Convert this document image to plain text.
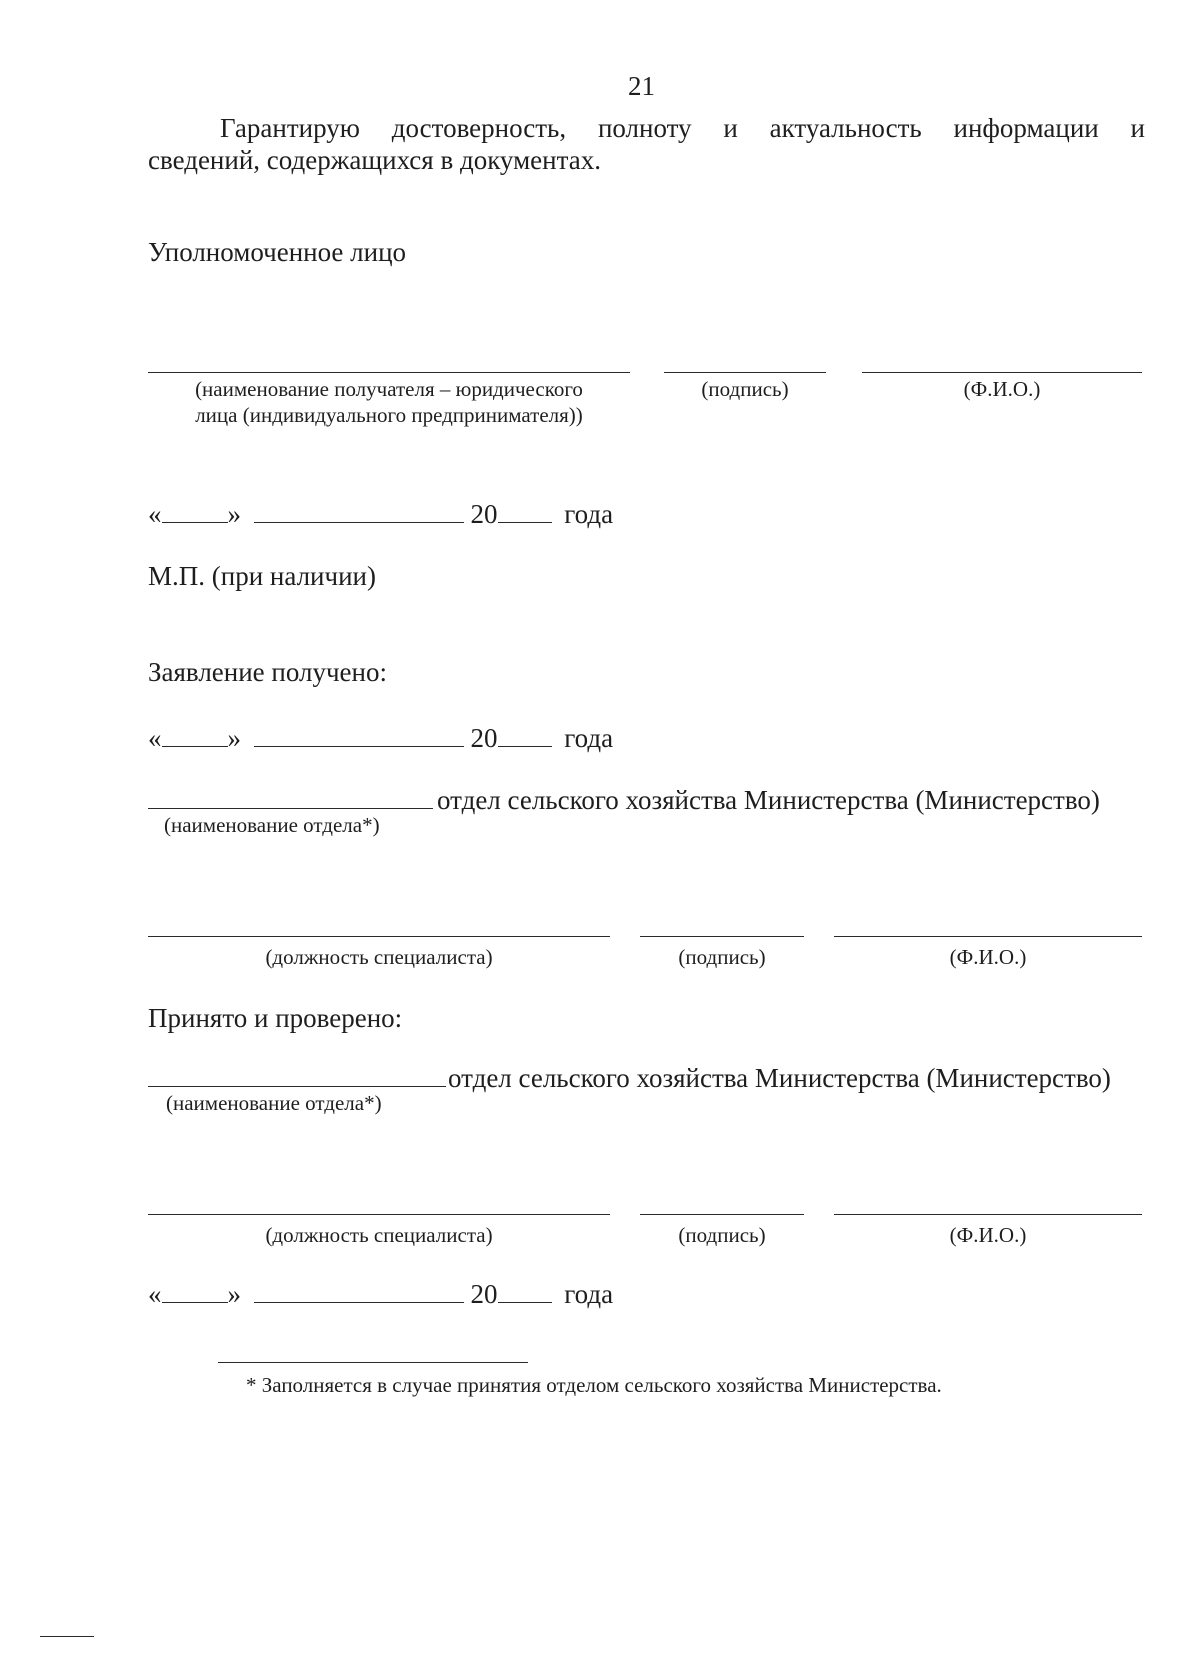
21
Гарантирую достоверность, полноту и актуальность информации и
сведений, содержащихся в документах.
Уполномоченное лицо
(наименование получателя – юридического
лица (индивидуального предпринимателя))
(подпись)	(Ф.И.О.)
« »	20 года
М.П. (при наличии)
Заявление получено:
« »	20 года
отдел сельского хозяйства Министерства (Министерство)
(наименование отдела*)
(должность специалиста)	(подпись)	(Ф.И.О.)
Принято и проверено:
отдел сельского хозяйства Министерства (Министерство)
(наименование отдела*)
(должность специалиста)	(подпись)	(Ф.И.О.)
« »	20 года
* Заполняется в случае принятия отделом сельского хозяйства Министерства.
